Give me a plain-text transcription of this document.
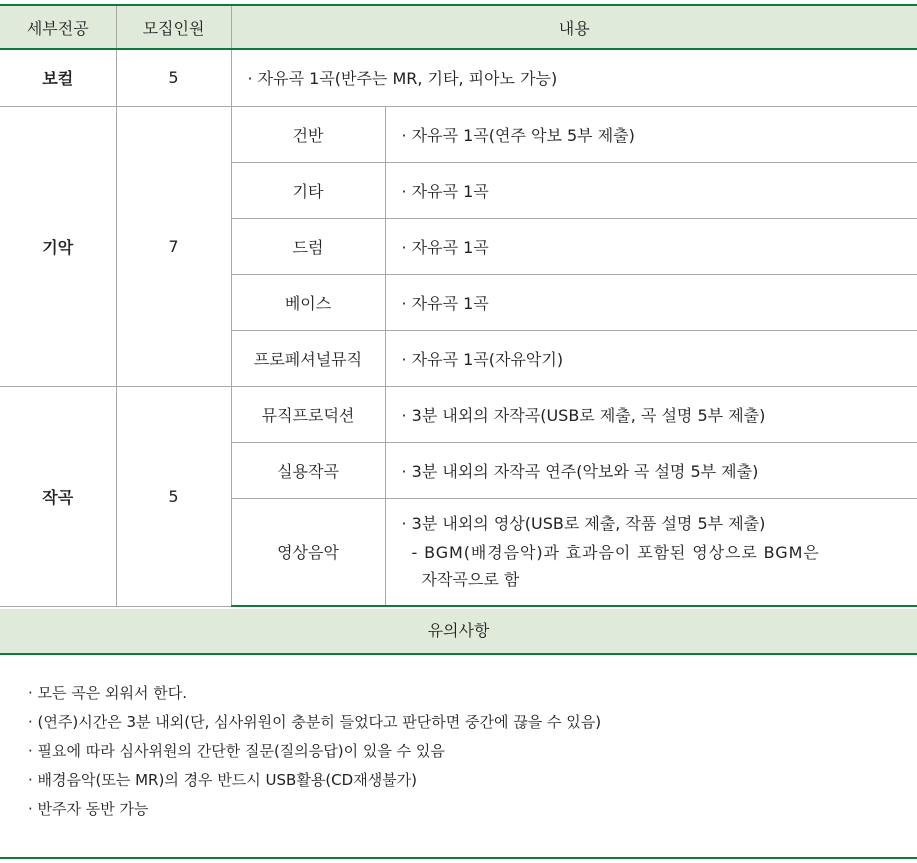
세부전공	모집인원	내용	
보컬	5	· 자유곡 1곡(반주는 MR, 기타, 피아노 가능)	
기악	7	건반	· 자유곡 1곡(연주 악보 5부 제출)
		기타	· 자유곡 1곡
		드럼	· 자유곡 1곡
		베이스	· 자유곡 1곡
		프로페셔널뮤직	· 자유곡 1곡(자유악기)
작곡	5	뮤직프로덕션	· 3분 내외의 자작곡(USB로 제출, 곡 설명 5부 제출)
		실용작곡	· 3분 내외의 자작곡 연주(악보와 곡 설명 5부 제출)
		영상음악	· 3분 내외의 영상(USB로 제출, 작품 설명 5부 제출)
- BGM(배경음악)과 효과음이 포함된 영상으로 BGM은
자작곡으로 함
유의사항
· 모든 곡은 외워서 한다.
· (연주)시간은 3분 내외(단, 심사위원이 충분히 들었다고 판단하면 중간에 끊을 수 있음)
· 필요에 따라 심사위원의 간단한 질문(질의응답)이 있을 수 있음
· 배경음악(또는 MR)의 경우 반드시 USB활용(CD재생불가)
· 반주자 동반 가능
